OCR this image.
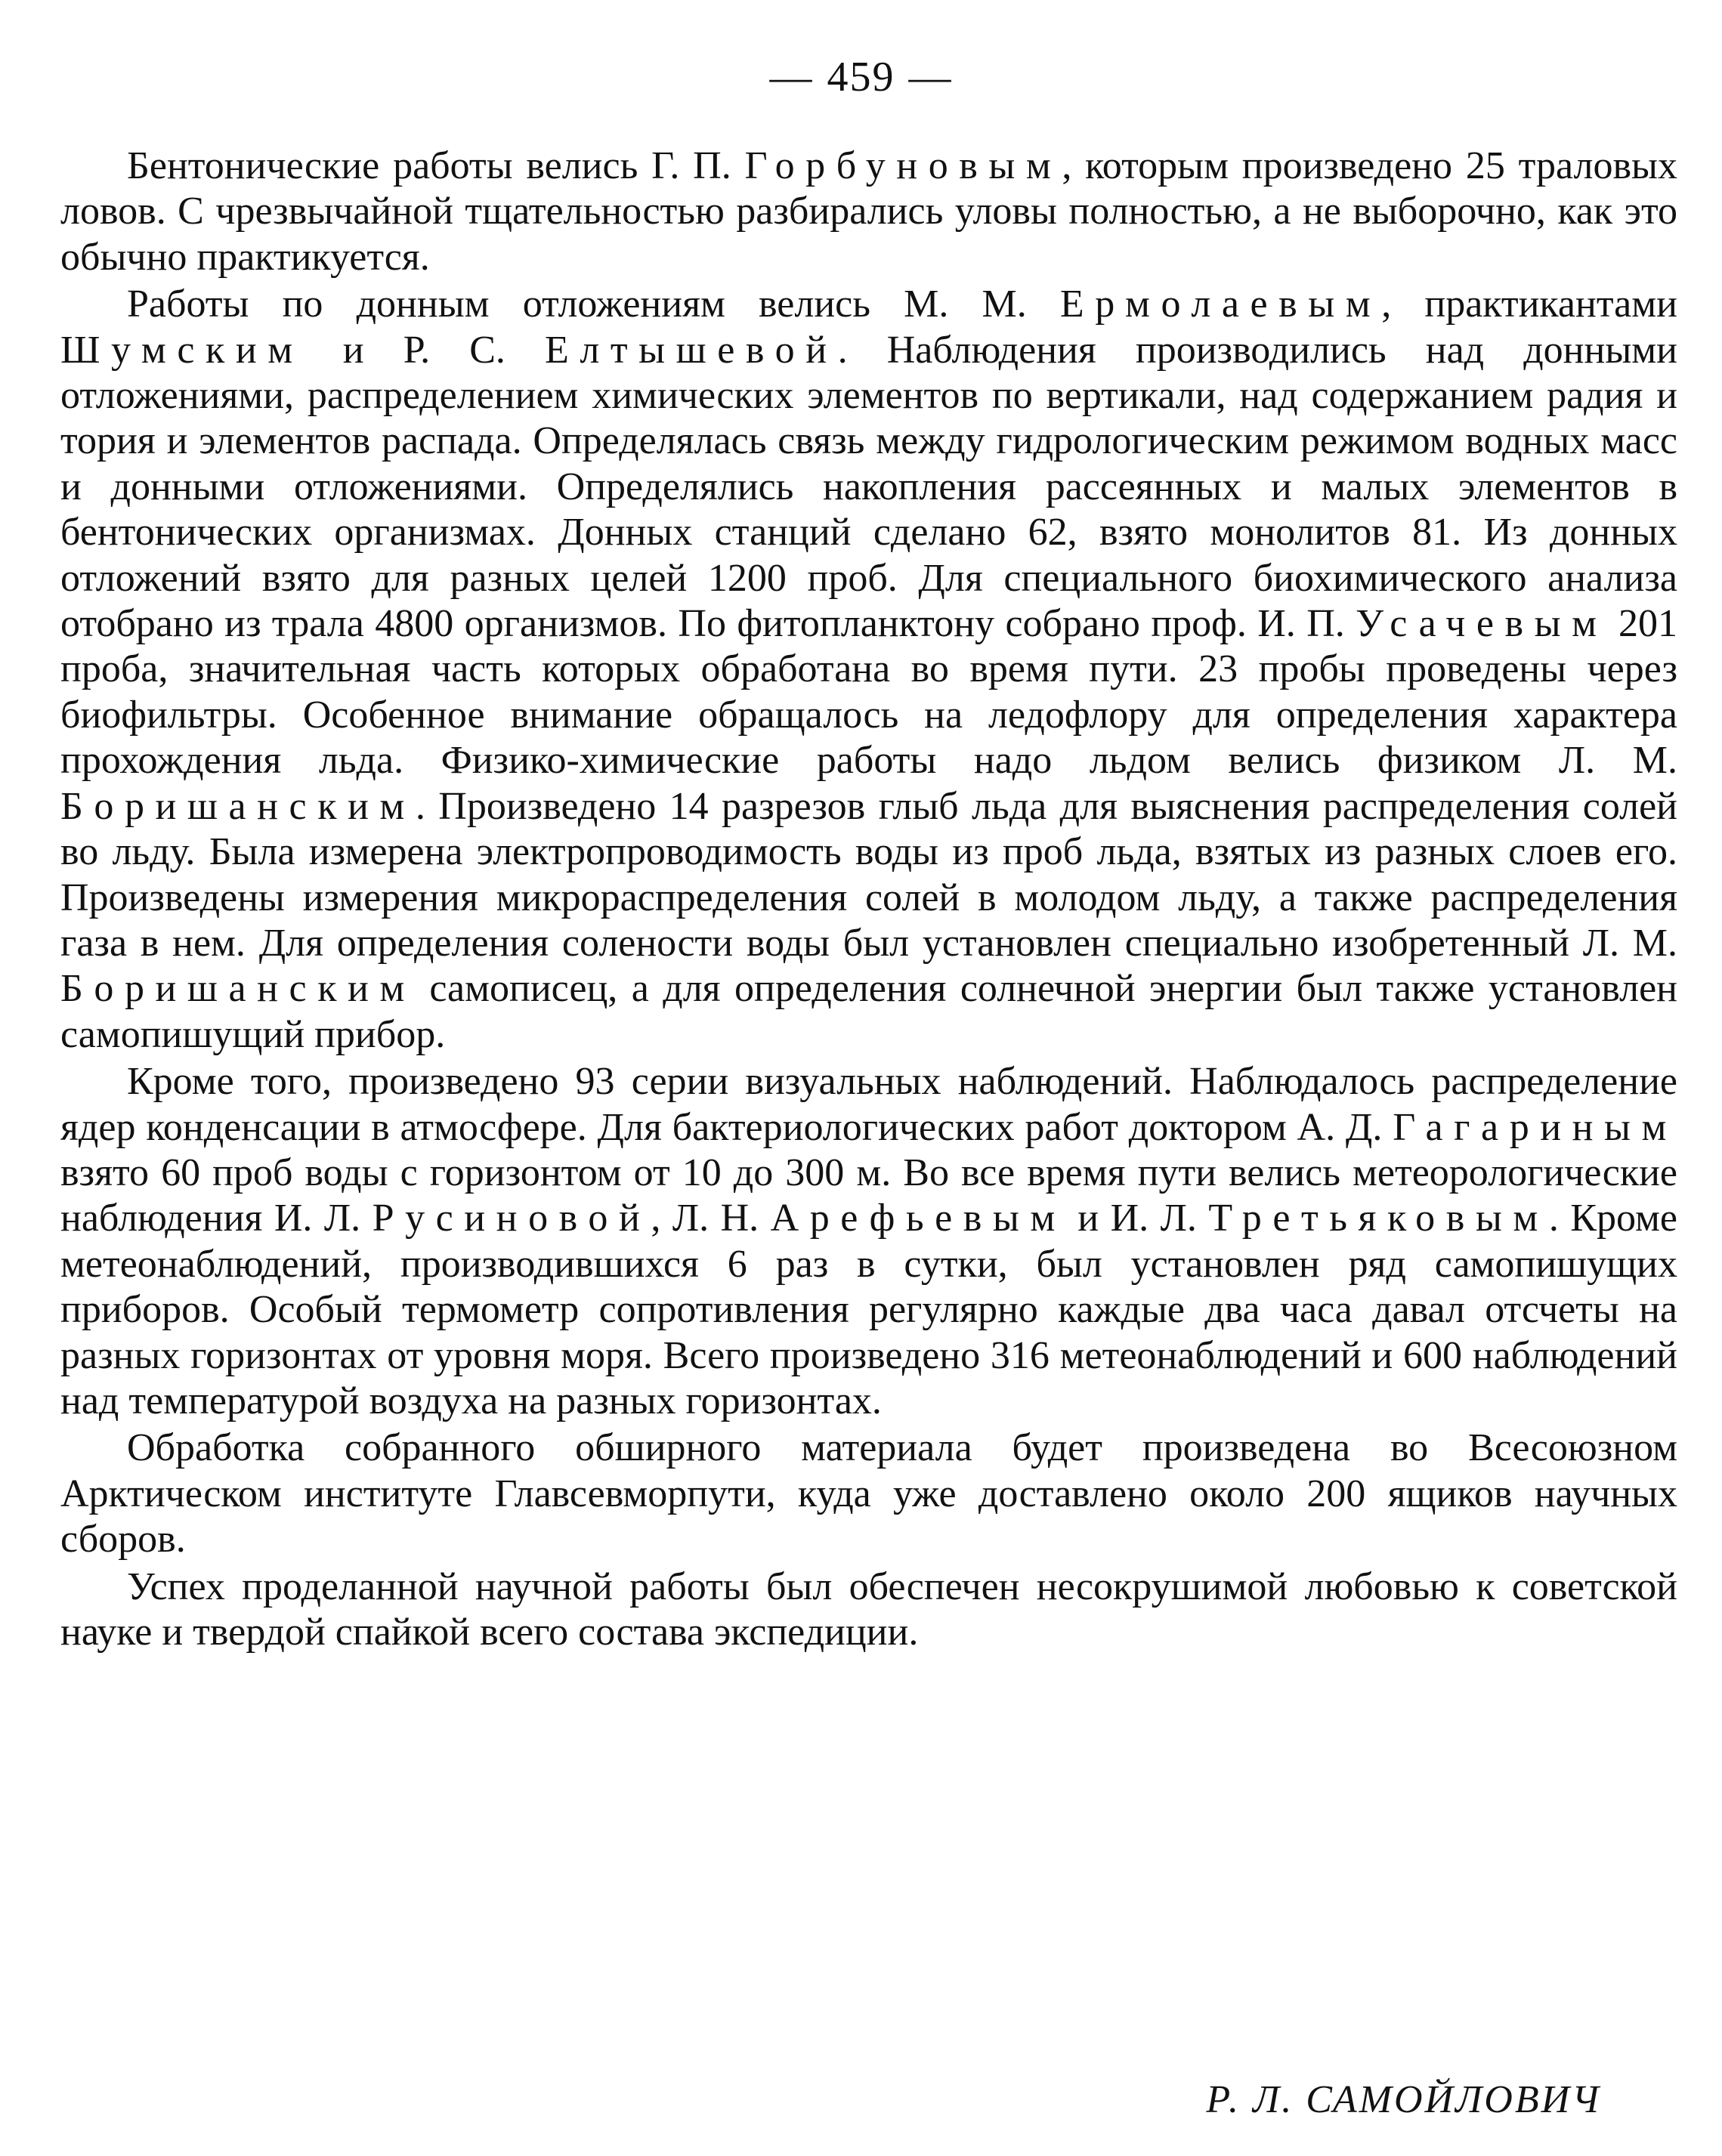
— 459 —

Бентонические работы велись Г. П. Горбуновым, которым произведено 25 траловых ловов. С чрезвычайной тщательностью разбирались уловы полностью, а не выборочно, как это обычно практикуется.

Работы по донным отложениям велись М. М. Ермолаевым, практикантами Шумским и Р. С. Елтышевой. Наблюдения производились над донными отложениями, распределением химических элементов по вертикали, над содержанием радия и тория и элементов распада. Определялась связь между гидрологическим режимом водных масс и донными отложениями. Определялись накопления рассеянных и малых элементов в бентонических организмах. Донных станций сделано 62, взято монолитов 81. Из донных отложений взято для разных целей 1200 проб. Для специального биохимического анализа отобрано из трала 4800 организмов. По фитопланктону собрано проф. И. П. Усачевым 201 проба, значительная часть которых обработана во время пути. 23 пробы проведены через биофильтры. Особенное внимание обращалось на ледофлору для определения характера прохождения льда. Физико-химические работы надо льдом велись физиком Л. М. Боришанским. Произведено 14 разрезов глыб льда для выяснения распределения солей во льду. Была измерена электропроводимость воды из проб льда, взятых из разных слоев его. Произведены измерения микрораспределения солей в молодом льду, а также распределения газа в нем. Для определения солености воды был установлен специально изобретенный Л. М. Боришанским самописец, а для определения солнечной энергии был также установлен самопишущий прибор.

Кроме того, произведено 93 серии визуальных наблюдений. Наблюдалось распределение ядер конденсации в атмосфере. Для бактериологических работ доктором А. Д. Гагариным взято 60 проб воды с горизонтом от 10 до 300 м. Во все время пути велись метеорологические наблюдения И. Л. Русиновой, Л. Н. Арефьевым и И. Л. Третьяковым. Кроме метеонаблюдений, производившихся 6 раз в сутки, был установлен ряд самопишущих приборов. Особый термометр сопротивления регулярно каждые два часа давал отсчеты на разных горизонтах от уровня моря. Всего произведено 316 метеонаблюдений и 600 наблюдений над температурой воздуха на разных горизонтах.

Обработка собранного обширного материала будет произведена во Всесоюзном Арктическом институте Главсевморпути, куда уже доставлено около 200 ящиков научных сборов.

Успех проделанной научной работы был обеспечен несокрушимой любовью к советской науке и твердой спайкой всего состава экспедиции.

Р. Л. САМОЙЛОВИЧ
